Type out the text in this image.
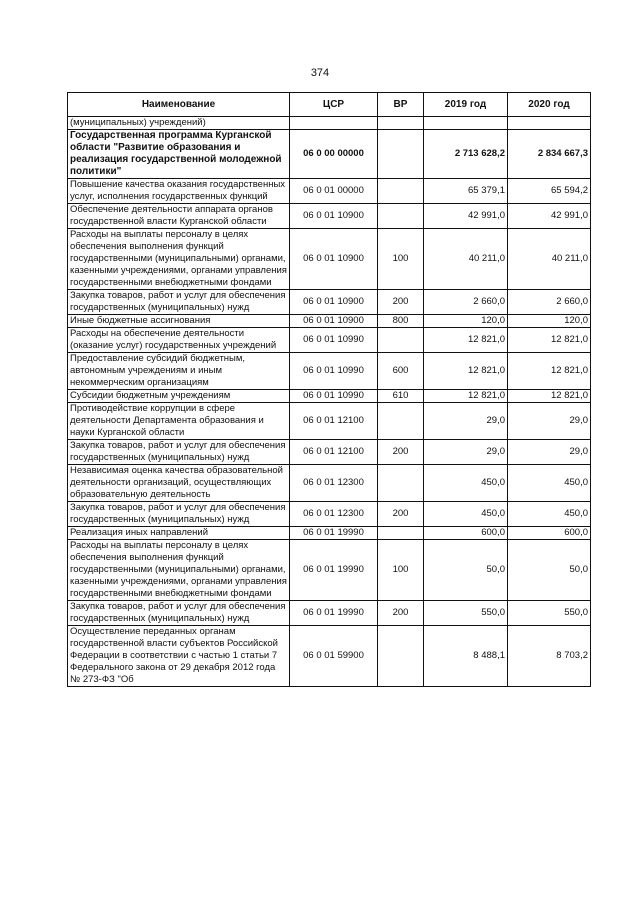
374
Наименование	ЦСР	ВР	2019 год	2020 год
(муниципальных) учреждений)				
Государственная программа Курганской области "Развитие образования и реализация государственной молодежной политики"	06 0 00 00000		2 713 628,2	2 834 667,3
Повышение качества оказания государственных услуг, исполнения государственных функций	06 0 01 00000		65 379,1	65 594,2
Обеспечение деятельности аппарата органов государственной власти Курганской области	06 0 01 10900		42 991,0	42 991,0
Расходы на выплаты персоналу в целях обеспечения выполнения функций государственными (муниципальными) органами, казенными учреждениями, органами управления государственными внебюджетными фондами	06 0 01 10900	100	40 211,0	40 211,0
Закупка товаров, работ и услуг для обеспечения государственных (муниципальных) нужд	06 0 01 10900	200	2 660,0	2 660,0
Иные бюджетные ассигнования	06 0 01 10900	800	120,0	120,0
Расходы на обеспечение деятельности (оказание услуг) государственных учреждений	06 0 01 10990		12 821,0	12 821,0
Предоставление субсидий бюджетным, автономным учреждениям и иным некоммерческим организациям	06 0 01 10990	600	12 821,0	12 821,0
Субсидии бюджетным учреждениям	06 0 01 10990	610	12 821,0	12 821,0
Противодействие коррупции в сфере деятельности Департамента образования и науки Курганской области	06 0 01 12100		29,0	29,0
Закупка товаров, работ и услуг для обеспечения государственных (муниципальных) нужд	06 0 01 12100	200	29,0	29,0
Независимая оценка качества образовательной деятельности организаций, осуществляющих образовательную деятельность	06 0 01 12300		450,0	450,0
Закупка товаров, работ и услуг для обеспечения государственных (муниципальных) нужд	06 0 01 12300	200	450,0	450,0
Реализация иных направлений	06 0 01 19990		600,0	600,0
Расходы на выплаты персоналу в целях обеспечения выполнения функций государственными (муниципальными) органами, казенными учреждениями, органами управления государственными внебюджетными фондами	06 0 01 19990	100	50,0	50,0
Закупка товаров, работ и услуг для обеспечения государственных (муниципальных) нужд	06 0 01 19990	200	550,0	550,0
Осуществление переданных органам государственной власти субъектов Российской Федерации в соответствии с частью 1 статьи 7 Федерального закона от 29 декабря 2012 года № 273-ФЗ "Об	06 0 01 59900		8 488,1	8 703,2
